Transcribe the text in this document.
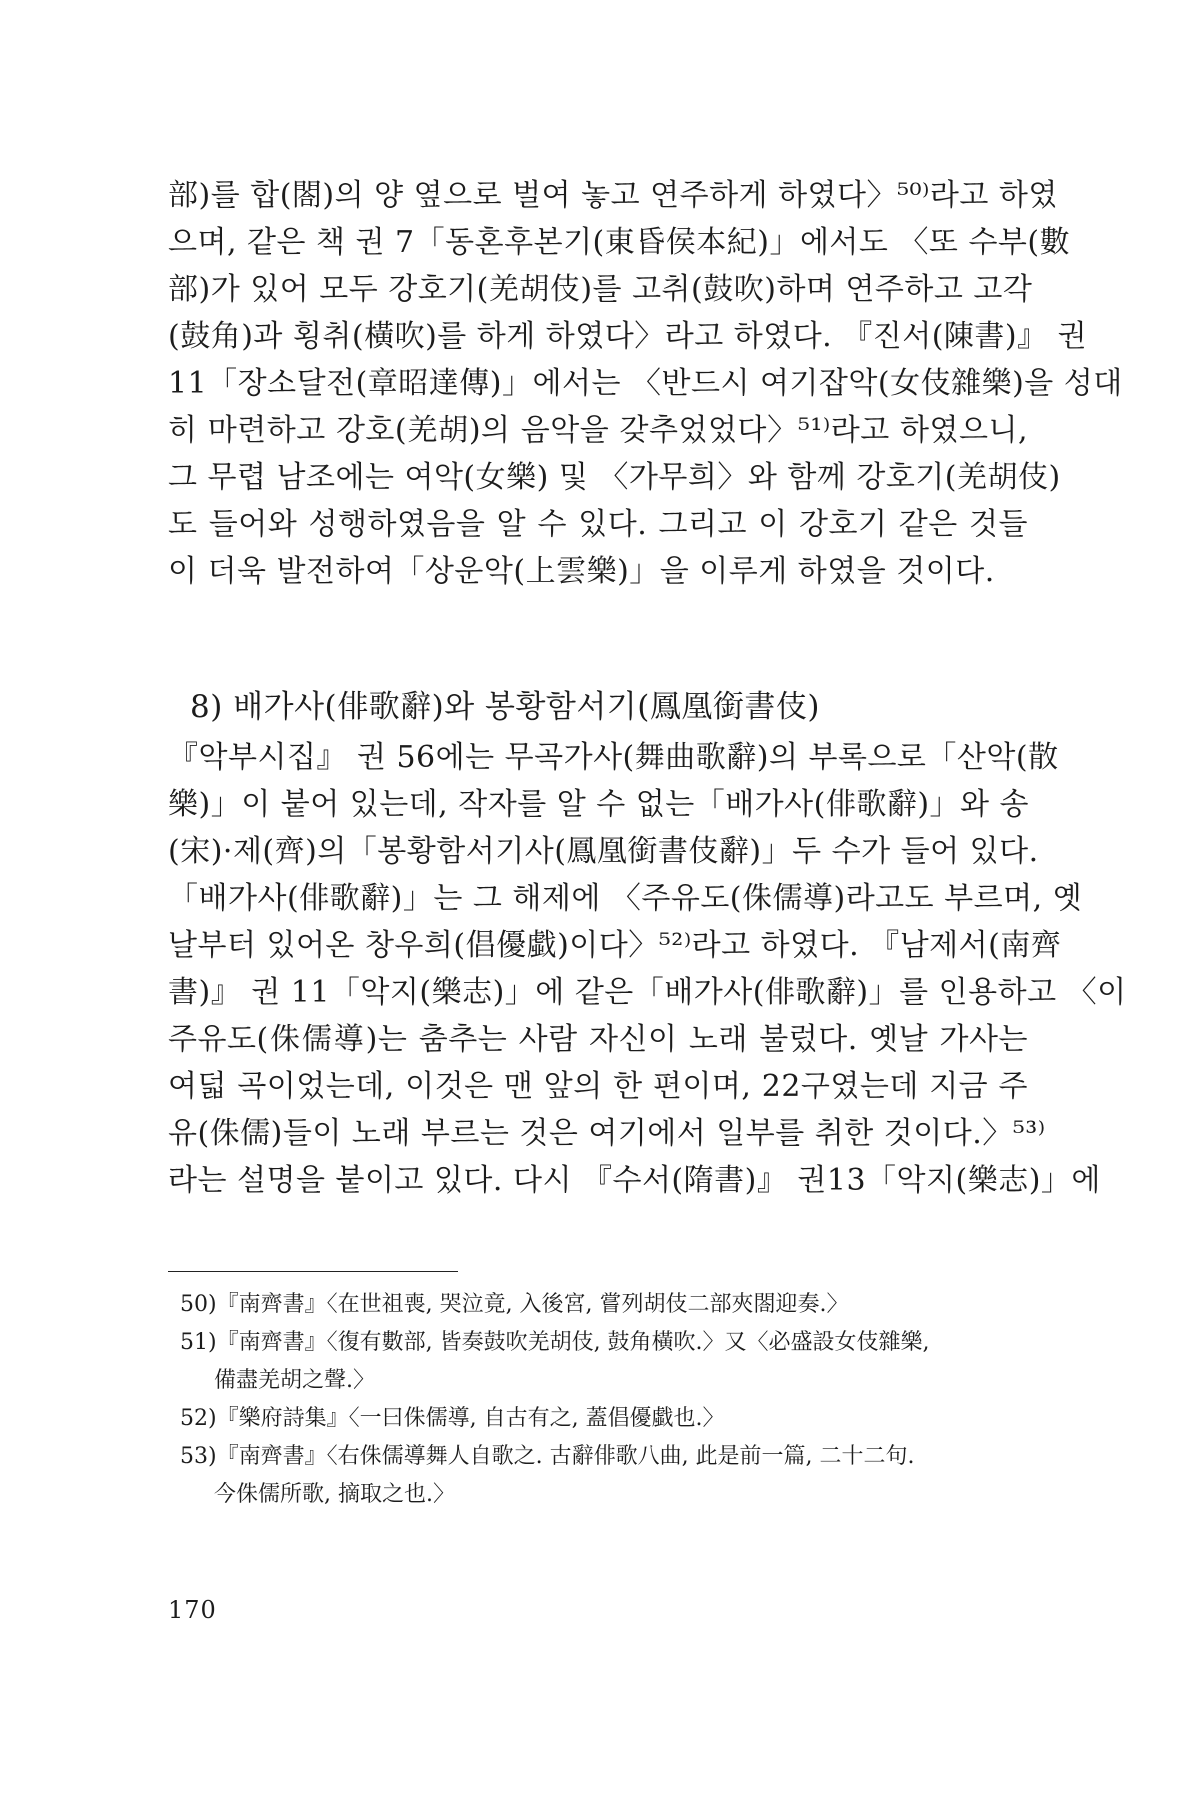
部)를 합(閤)의 양 옆으로 벌여 놓고 연주하게 하였다〉⁵⁰⁾라고 하였
으며, 같은 책 권 7「동혼후본기(東昏侯本紀)」에서도 〈또 수부(數
部)가 있어 모두 강호기(羌胡伎)를 고취(鼓吹)하며 연주하고 고각
(鼓角)과 횡취(橫吹)를 하게 하였다〉라고 하였다. 『진서(陳書)』 권
11「장소달전(章昭達傳)」에서는 〈반드시 여기잡악(女伎雜樂)을 성대
히 마련하고 강호(羌胡)의 음악을 갖추었었다〉⁵¹⁾라고 하였으니,
그 무렵 남조에는 여악(女樂) 및 〈가무희〉와 함께 강호기(羌胡伎)
도 들어와 성행하였음을 알 수 있다. 그리고 이 강호기 같은 것들
이 더욱 발전하여「상운악(上雲樂)」을 이루게 하였을 것이다.
8) 배가사(俳歌辭)와 봉황함서기(鳳凰銜書伎)
『악부시집』 권 56에는 무곡가사(舞曲歌辭)의 부록으로「산악(散
樂)」이 붙어 있는데, 작자를 알 수 없는「배가사(俳歌辭)」와 송
(宋)·제(齊)의「봉황함서기사(鳳凰銜書伎辭)」두 수가 들어 있다.
「배가사(俳歌辭)」는 그 해제에 〈주유도(侏儒導)라고도 부르며, 옛
날부터 있어온 창우희(倡優戱)이다〉⁵²⁾라고 하였다. 『남제서(南齊
書)』 권 11「악지(樂志)」에 같은「배가사(俳歌辭)」를 인용하고 〈이
주유도(侏儒導)는 춤추는 사람 자신이 노래 불렀다. 옛날 가사는
여덟 곡이었는데, 이것은 맨 앞의 한 편이며, 22구였는데 지금 주
유(侏儒)들이 노래 부르는 것은 여기에서 일부를 취한 것이다.〉⁵³⁾
라는 설명을 붙이고 있다. 다시 『수서(隋書)』 권13「악지(樂志)」에
50)『南齊書』〈在世祖喪, 哭泣竟, 入後宮, 嘗列胡伎二部夾閤迎奏.〉
51)『南齊書』〈復有數部, 皆奏鼓吹羌胡伎, 鼓角橫吹.〉又〈必盛設女伎雜樂,
備盡羌胡之聲.〉
52)『樂府詩集』〈一曰侏儒導, 自古有之, 蓋倡優戱也.〉
53)『南齊書』〈右侏儒導舞人自歌之. 古辭俳歌八曲, 此是前一篇, 二十二句.
今侏儒所歌, 摘取之也.〉
170
